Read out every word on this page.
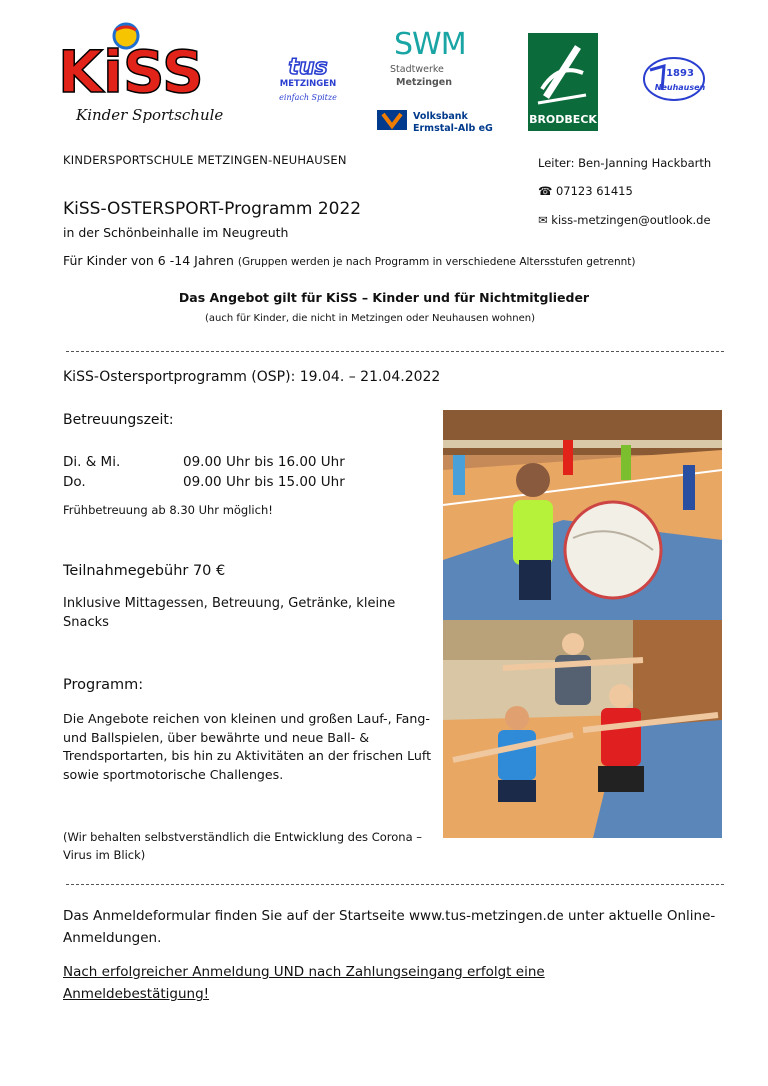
KiSS
Kinder Sportschule
tus
METZINGEN
einfach Spitze
SWM
Stadtwerke
Metzingen
Volksbank
Ermstal-Alb eG
BRODBECK
1893
Neuhausen
KINDERSPORTSCHULE METZINGEN-NEUHAUSEN	Leiter: Ben-Janning Hackbarth
☎ 07123 61415
✉ kiss-metzingen@outlook.de
KiSS-OSTERSPORT-Programm 2022
in der Schönbeinhalle im Neugreuth
Für Kinder von 6 -14 Jahren (Gruppen werden je nach Programm in verschiedene Altersstufen getrennt)
Das Angebot gilt für KiSS – Kinder und für Nichtmitglieder
(auch für Kinder, die nicht in Metzingen oder Neuhausen wohnen)
KiSS-Ostersportprogramm (OSP): 19.04. – 21.04.2022
Betreuungszeit:
Di. & Mi.	09.00 Uhr bis 16.00 Uhr
Do.	09.00 Uhr bis 15.00 Uhr
Frühbetreuung ab 8.30 Uhr möglich!
Teilnahmegebühr 70 €
Inklusive Mittagessen, Betreuung, Getränke, kleine Snacks
Programm:
Die Angebote reichen von kleinen und großen Lauf-, Fang- und Ballspielen, über bewährte und neue Ball- & Trendsportarten, bis hin zu Aktivitäten an der frischen Luft sowie sportmotorische Challenges.
(Wir behalten selbstverständlich die Entwicklung des Corona – Virus im Blick)
Das Anmeldeformular finden Sie auf der Startseite www.tus-metzingen.de unter aktuelle Online-Anmeldungen.
Nach erfolgreicher Anmeldung UND nach Zahlungseingang erfolgt eine Anmeldebestätigung!
